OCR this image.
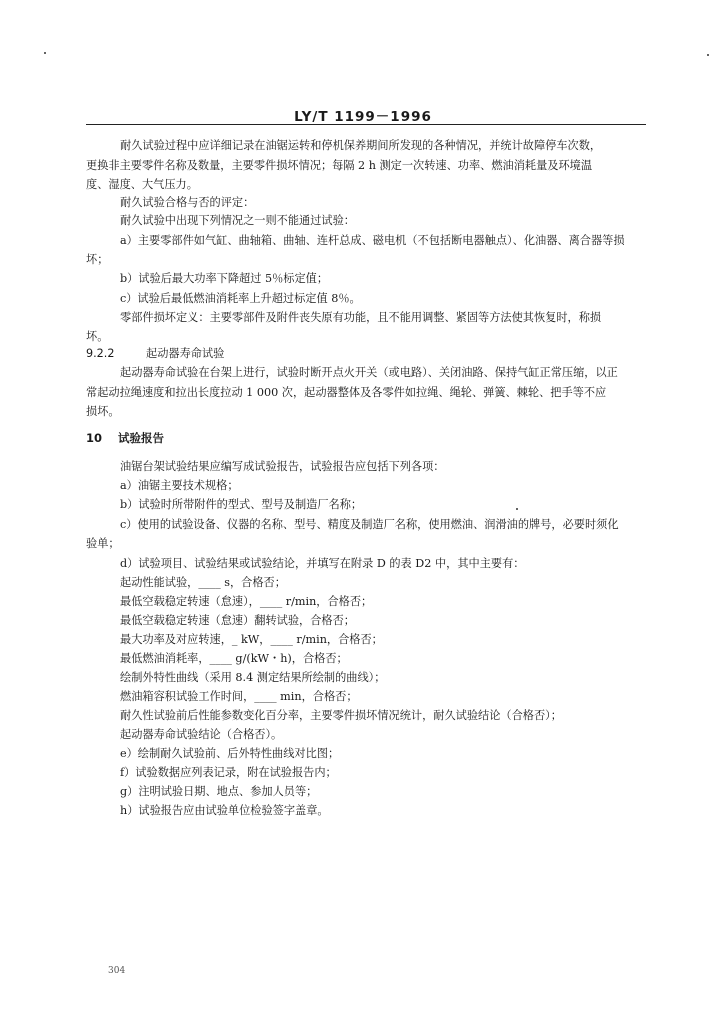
LY/T 1199－1996
耐久试验过程中应详细记录在油锯运转和停机保养期间所发现的各种情况，并统计故障停车次数，
更换非主要零件名称及数量，主要零件损坏情况；每隔 2 h 测定一次转速、功率、燃油消耗量及环境温
度、湿度、大气压力。
耐久试验合格与否的评定：
耐久试验中出现下列情况之一则不能通过试验：
a）主要零部件如气缸、曲轴箱、曲轴、连杆总成、磁电机（不包括断电器触点）、化油器、离合器等损
坏；
b）试验后最大功率下降超过 5％标定值；
c）试验后最低燃油消耗率上升超过标定值 8％。
零部件损坏定义：主要零部件及附件丧失原有功能，且不能用调整、紧固等方法使其恢复时，称损
坏。
9.2.2	起动器寿命试验
起动器寿命试验在台架上进行，试验时断开点火开关（或电路）、关闭油路、保持气缸正常压缩，以正
常起动拉绳速度和拉出长度拉动 1 000 次，起动器整体及各零件如拉绳、绳轮、弹簧、棘轮、把手等不应
损坏。
10 试验报告
油锯台架试验结果应编写成试验报告，试验报告应包括下列各项：
a）油锯主要技术规格；
b）试验时所带附件的型式、型号及制造厂名称；
c）使用的试验设备、仪器的名称、型号、精度及制造厂名称，使用燃油、润滑油的牌号，必要时须化
验单；
d）试验项目、试验结果或试验结论，并填写在附录 D 的表 D2 中，其中主要有：
起动性能试验，____ s，合格否；
最低空载稳定转速（怠速），____ r/min，合格否；
最低空载稳定转速（怠速）翻转试验，合格否；
最大功率及对应转速，_ kW，____ r/min，合格否；
最低燃油消耗率，____ g/(kW・h)，合格否；
绘制外特性曲线（采用 8.4 测定结果所绘制的曲线）；
燃油箱容积试验工作时间，____ min，合格否；
耐久性试验前后性能参数变化百分率，主要零件损坏情况统计，耐久试验结论（合格否）；
起动器寿命试验结论（合格否）。
e）绘制耐久试验前、后外特性曲线对比图；
f）试验数据应列表记录，附在试验报告内；
g）注明试验日期、地点、参加人员等；
h）试验报告应由试验单位检验签字盖章。
304
